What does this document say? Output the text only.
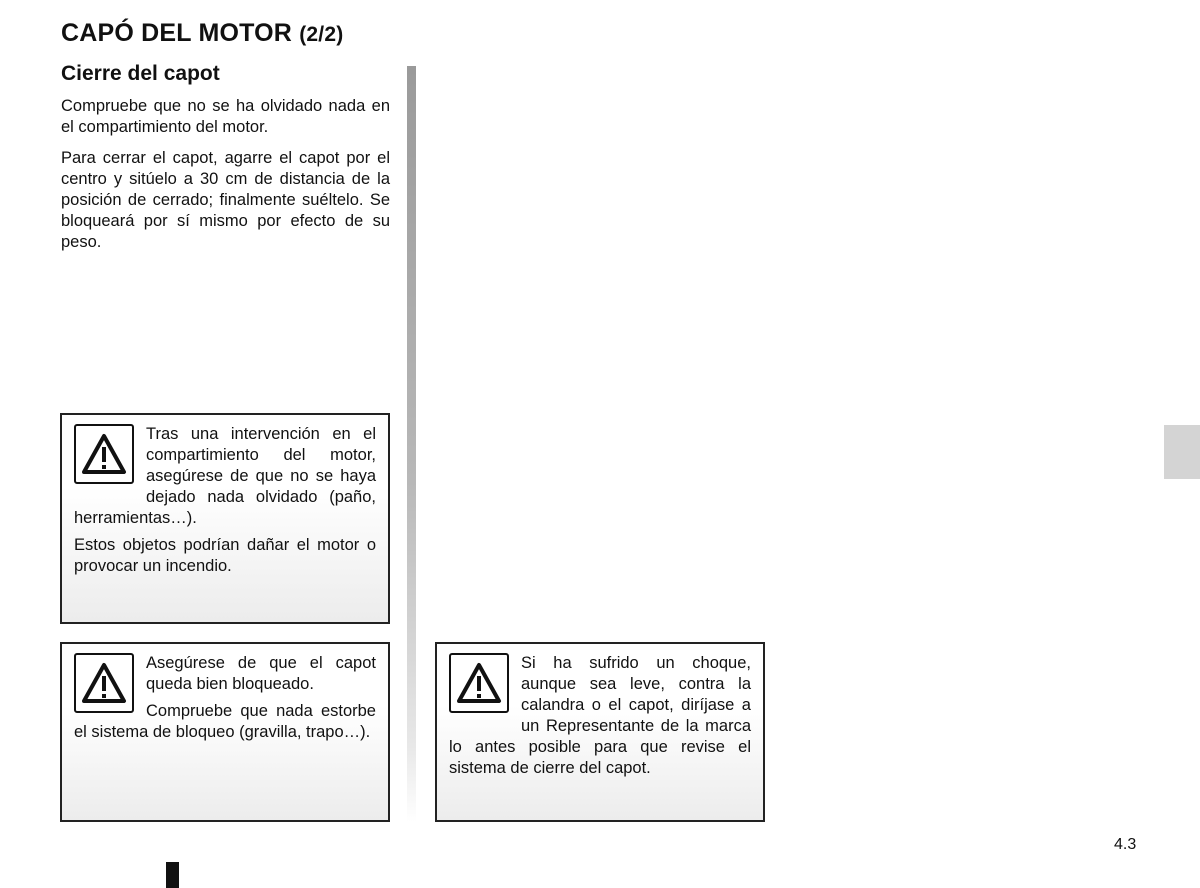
CAPÓ DEL MOTOR (2/2)
Cierre del capot

Compruebe que no se ha olvidado nada en el compartimiento del motor.

Para cerrar el capot, agarre el capot por el centro y sitúelo a 30 cm de distancia de la posición de cerrado; finalmente suéltelo. Se bloqueará por sí mismo por efecto de su peso.

Tras una intervención en el compartimiento del motor, asegúrese de que no se haya dejado nada olvidado (paño, herramientas…).

Estos objetos podrían dañar el motor o provocar un incendio.

Asegúrese de que el capot queda bien bloqueado.

Compruebe que nada estorbe el sistema de bloqueo (gravilla, trapo…).

Si ha sufrido un choque, aunque sea leve, contra la calandra o el capot, diríjase a un Representante de la marca lo antes posible para que revise el sistema de cierre del capot.

4.3
